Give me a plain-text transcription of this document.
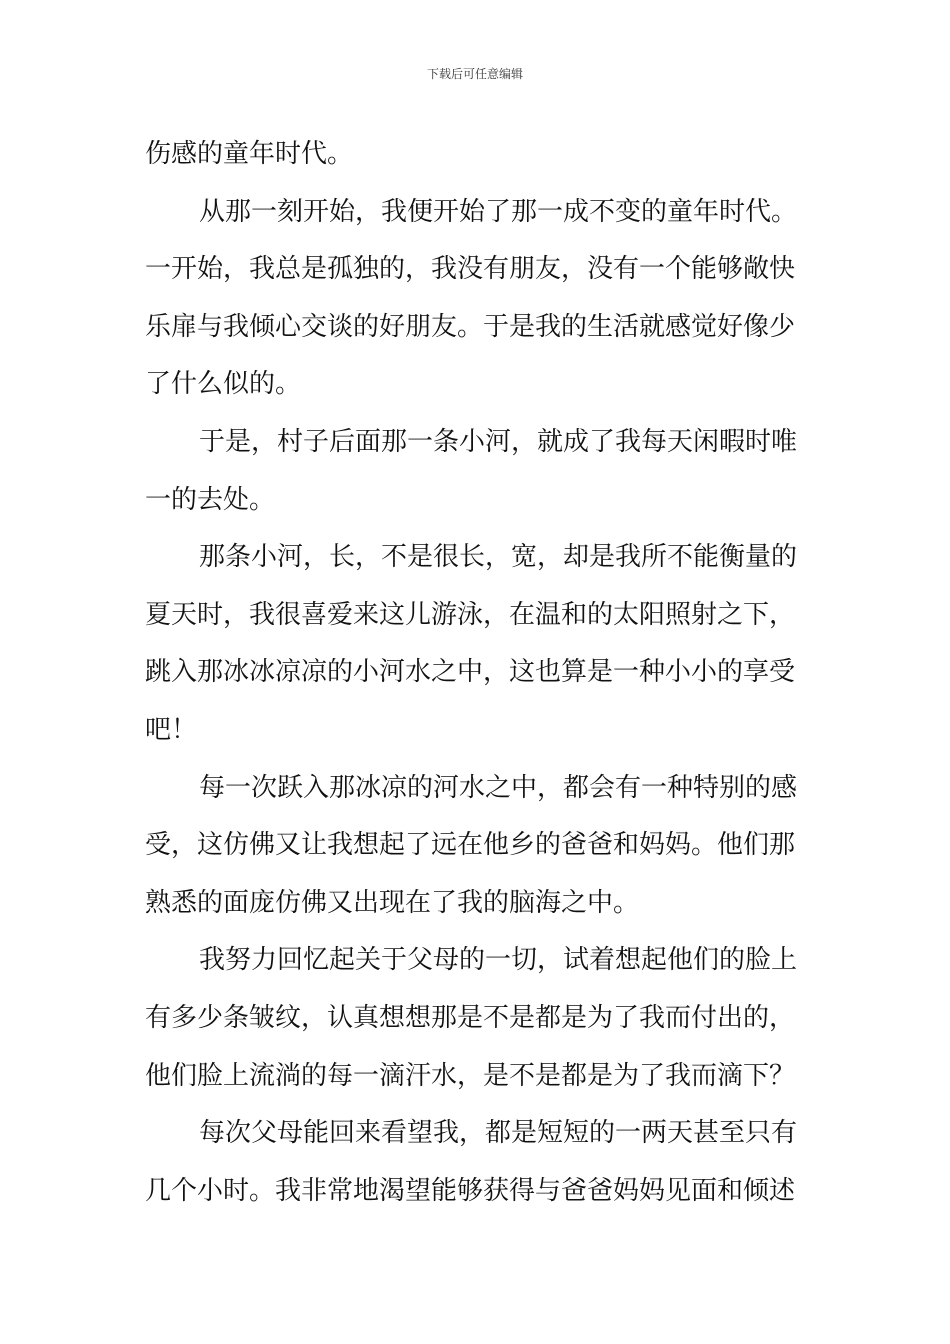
下载后可任意编辑
伤感的童年时代。
从那一刻开始，我便开始了那一成不变的童年时代。
一开始，我总是孤独的，我没有朋友，没有一个能够敞快
乐扉与我倾心交谈的好朋友。于是我的生活就感觉好像少
了什么似的。
于是，村子后面那一条小河，就成了我每天闲暇时唯
一的去处。
那条小河，长，不是很长，宽，却是我所不能衡量的
夏天时，我很喜爱来这儿游泳，在温和的太阳照射之下，
跳入那冰冰凉凉的小河水之中，这也算是一种小小的享受
吧！
每一次跃入那冰凉的河水之中，都会有一种特别的感
受，这仿佛又让我想起了远在他乡的爸爸和妈妈。他们那
熟悉的面庞仿佛又出现在了我的脑海之中。
我努力回忆起关于父母的一切，试着想起他们的脸上
有多少条皱纹，认真想想那是不是都是为了我而付出的，
他们脸上流淌的每一滴汗水，是不是都是为了我而滴下？
每次父母能回来看望我，都是短短的一两天甚至只有
几个小时。我非常地渴望能够获得与爸爸妈妈见面和倾述
